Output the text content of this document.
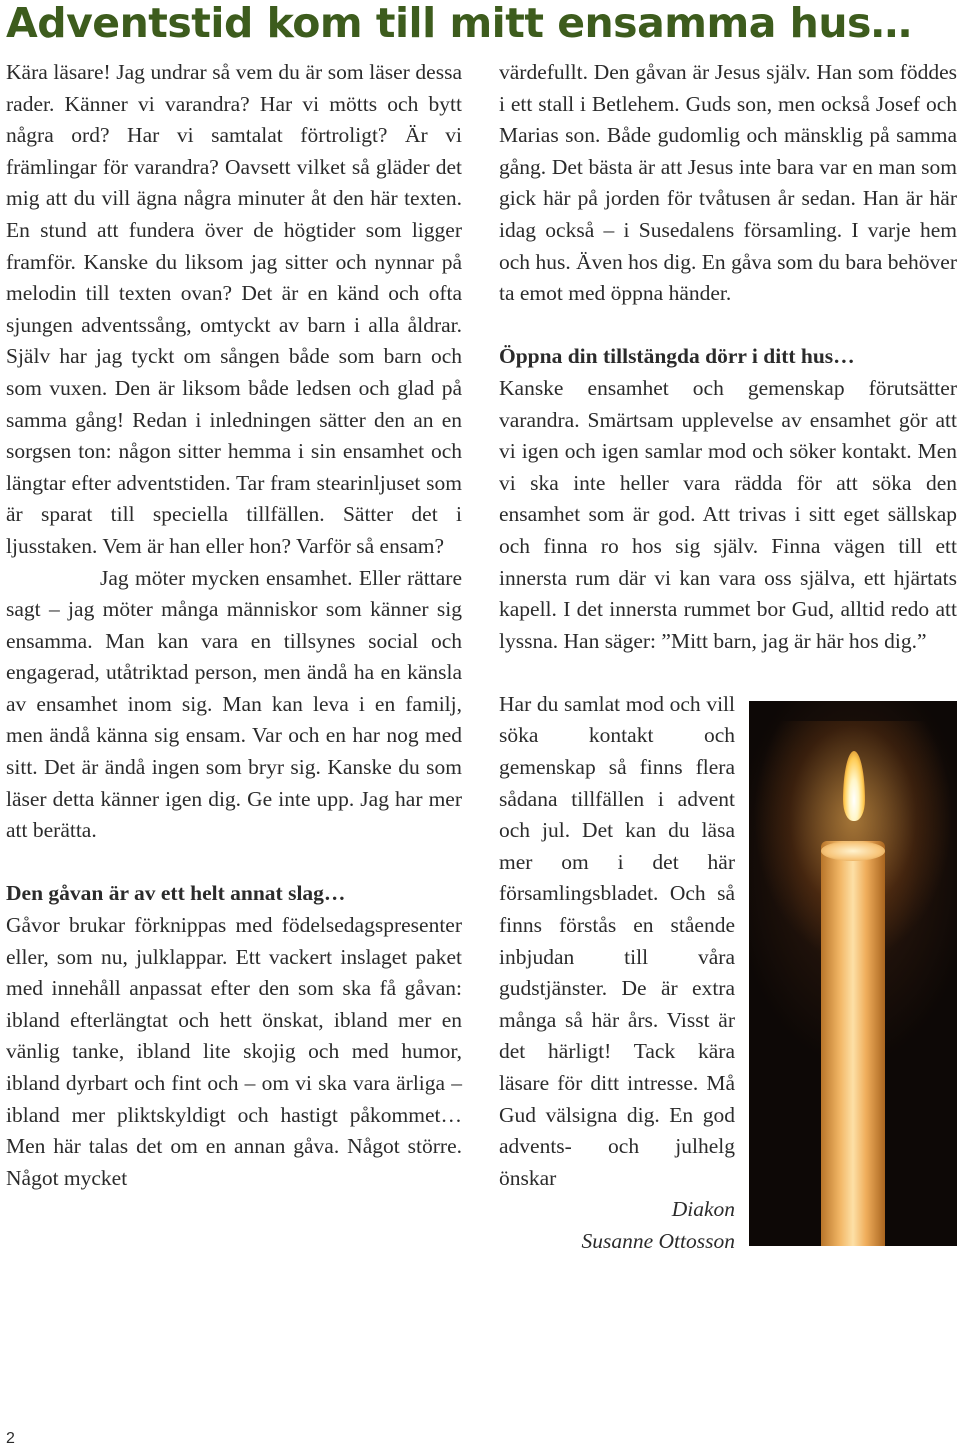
Adventstid kom till mitt ensamma hus…

Kära läsare! Jag undrar så vem du är som läser dessa rader. Känner vi varandra? Har vi mötts och bytt några ord? Har vi samtalat förtroligt? Är vi främlingar för varandra? Oavsett vilket så gläder det mig att du vill ägna några minuter åt den här texten. En stund att fundera över de högtider som ligger framför. Kanske du liksom jag sitter och nynnar på melodin till texten ovan? Det är en känd och ofta sjungen adventssång, omtyckt av barn i alla åldrar. Själv har jag tyckt om sången både som barn och som vuxen. Den är liksom både ledsen och glad på samma gång! Redan i inledningen sätter den an en sorgsen ton: någon sitter hemma i sin ensamhet och längtar efter adventstiden. Tar fram stearinljuset som är sparat till speciella tillfällen. Sätter det i ljusstaken. Vem är han eller hon? Varför så ensam?

Jag möter mycken ensamhet. Eller rättare sagt – jag möter många människor som känner sig ensamma. Man kan vara en tillsynes social och engagerad, utåtriktad person, men ändå ha en känsla av ensamhet inom sig. Man kan leva i en familj, men ändå känna sig ensam. Var och en har nog med sitt. Det är ändå ingen som bryr sig. Kanske du som läser detta känner igen dig. Ge inte upp. Jag har mer att berätta.

Den gåvan är av ett helt annat slag…

Gåvor brukar förknippas med födelsedagspresenter eller, som nu, julklappar. Ett vackert inslaget paket med innehåll anpassat efter den som ska få gåvan: ibland efterlängtat och hett önskat, ibland mer en vänlig tanke, ibland lite skojig och med humor, ibland dyrbart och fint och – om vi ska vara ärliga – ibland mer pliktskyldigt och hastigt påkommet… Men här talas det om en annan gåva. Något större. Något mycket

värdefullt. Den gåvan är Jesus själv. Han som föddes i ett stall i Betlehem. Guds son, men också Josef och Marias son. Både gudomlig och mänsklig på samma gång. Det bästa är att Jesus inte bara var en man som gick här på jorden för tvåtusen år sedan. Han är här idag också – i Susedalens församling. I varje hem och hus. Även hos dig. En gåva som du bara behöver ta emot med öppna händer.

Öppna din tillstängda dörr i ditt hus…

Kanske ensamhet och gemenskap förutsätter varandra. Smärtsam upplevelse av ensamhet gör att vi igen och igen samlar mod och söker kontakt. Men vi ska inte heller vara rädda för att söka den ensamhet som är god. Att trivas i sitt eget sällskap och finna ro hos sig själv. Finna vägen till ett innersta rum där vi kan vara oss själva, ett hjärtats kapell. I det innersta rummet bor Gud, alltid redo att lyssna. Han säger: ”Mitt barn, jag är här hos dig.”

Har du samlat mod och vill söka kontakt och gemenskap så finns flera sådana tillfällen i advent och jul. Det kan du läsa mer om i det här församlingsbladet. Och så finns förstås en stående inbjudan till våra gudstjänster. De är extra många så här års. Visst är det härligt! Tack kära läsare för ditt intresse. Må Gud välsigna dig. En god advents- och julhelg önskar

Diakon

Susanne Ottosson

2
